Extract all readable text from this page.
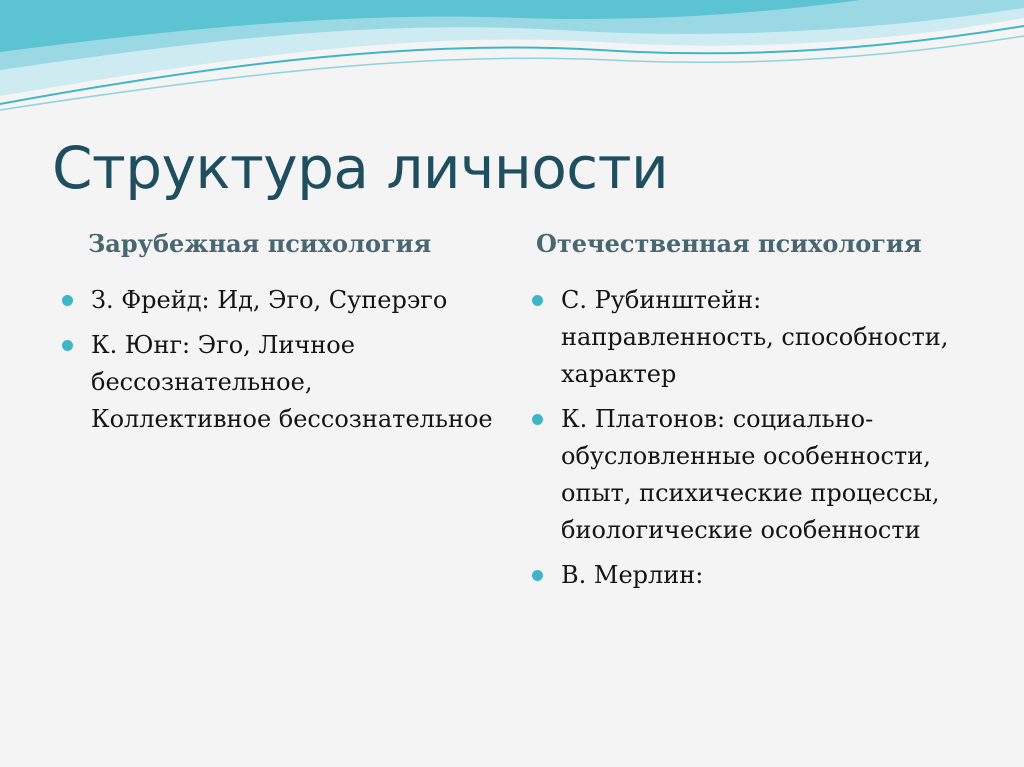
Структура личности
Зарубежная психология	Отечественная психология
З. Фрейд: Ид, Эго, Суперэго
К. Юнг: Эго, Личное бессознательное, Коллективное бессознательное
С. Рубинштейн: направленность, способности, характер
К. Платонов: социально-обусловленные особенности, опыт, психические процессы, биологические особенности
В. Мерлин:
